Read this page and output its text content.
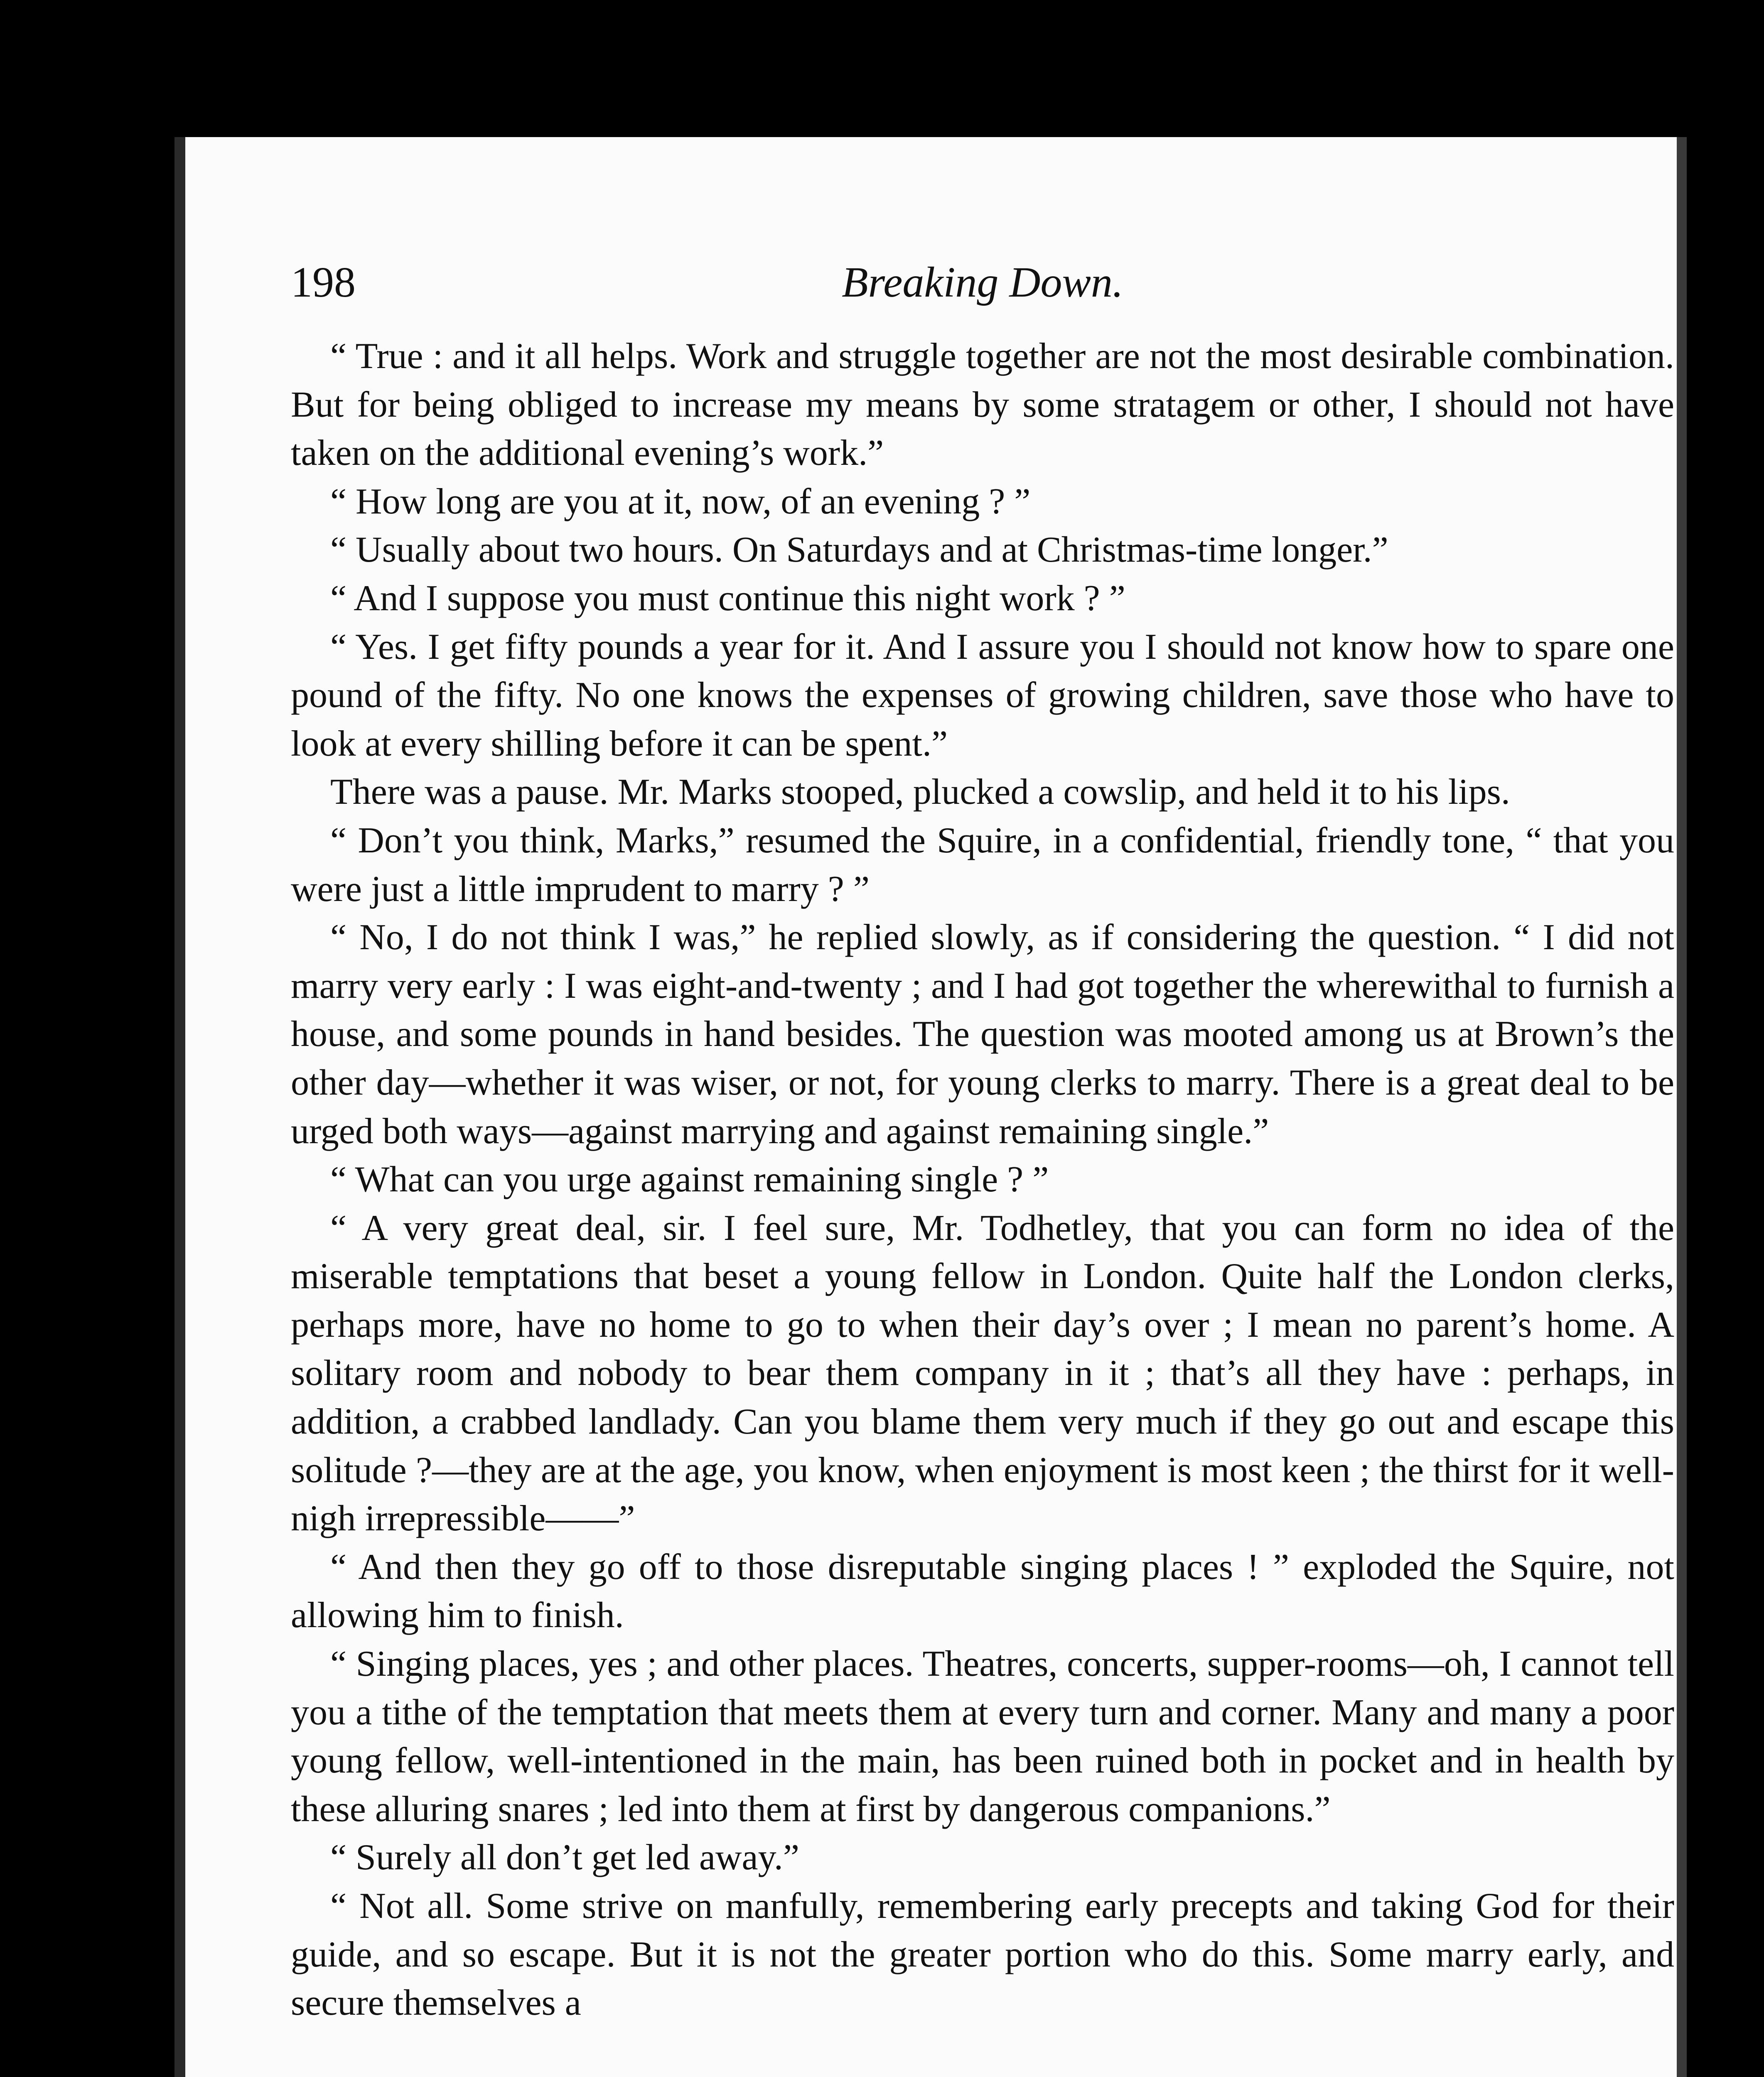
198	Breaking Down.

“ True : and it all helps. Work and struggle together are not the most desirable combination. But for being obliged to increase my means by some stratagem or other, I should not have taken on the additional evening’s work.”

“ How long are you at it, now, of an evening ? ”

“ Usually about two hours. On Saturdays and at Christmas-time longer.”

“ And I suppose you must continue this night work ? ”

“ Yes. I get fifty pounds a year for it. And I assure you I should not know how to spare one pound of the fifty. No one knows the expenses of growing children, save those who have to look at every shilling before it can be spent.”

There was a pause. Mr. Marks stooped, plucked a cowslip, and held it to his lips.

“ Don’t you think, Marks,” resumed the Squire, in a confidential, friendly tone, “ that you were just a little imprudent to marry ? ”

“ No, I do not think I was,” he replied slowly, as if considering the question. “ I did not marry very early : I was eight-and-twenty ; and I had got together the wherewithal to furnish a house, and some pounds in hand besides. The question was mooted among us at Brown’s the other day—whether it was wiser, or not, for young clerks to marry. There is a great deal to be urged both ways—against marrying and against remaining single.”

“ What can you urge against remaining single ? ”

“ A very great deal, sir. I feel sure, Mr. Todhetley, that you can form no idea of the miserable temptations that beset a young fellow in London. Quite half the London clerks, perhaps more, have no home to go to when their day’s over ; I mean no parent’s home. A solitary room and nobody to bear them company in it ; that’s all they have : perhaps, in addition, a crabbed landlady. Can you blame them very much if they go out and escape this solitude ?—they are at the age, you know, when enjoyment is most keen ; the thirst for it well-nigh irrepressible——”

“ And then they go off to those disreputable singing places ! ” exploded the Squire, not allowing him to finish.

“ Singing places, yes ; and other places. Theatres, concerts, supper-rooms—oh, I cannot tell you a tithe of the temptation that meets them at every turn and corner. Many and many a poor young fellow, well-intentioned in the main, has been ruined both in pocket and in health by these alluring snares ; led into them at first by dangerous companions.”

“ Surely all don’t get led away.”

“ Not all. Some strive on manfully, remembering early precepts and taking God for their guide, and so escape. But it is not the greater portion who do this. Some marry early, and secure themselves a
